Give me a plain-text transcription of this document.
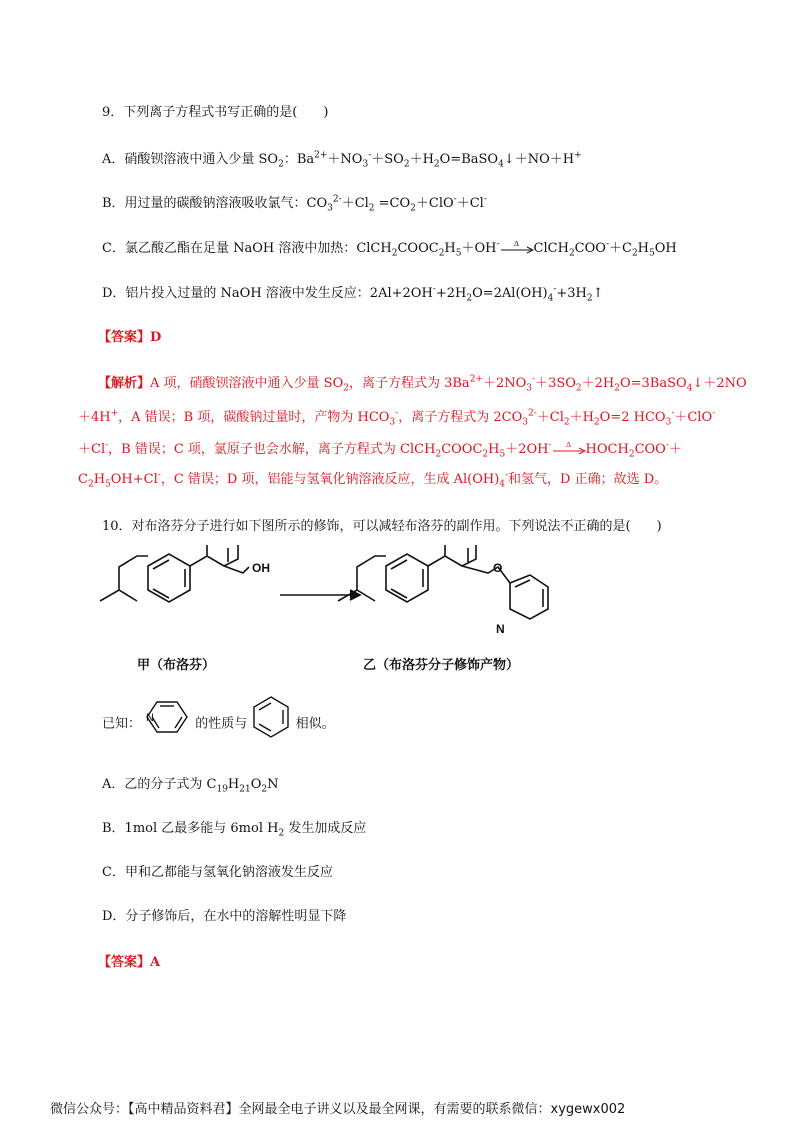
9．下列离子方程式书写正确的是(　　)
A．硝酸钡溶液中通入少量 $SO_2$：$Ba^{2+}+NO_3^-+SO_2+H_2O=BaSO_4↓+NO+H^+$
B．用过量的碳酸钠溶液吸收氯气：$CO_3^{2-}+Cl_2 =CO_2+ClO^-+Cl^-$
C．氯乙酸乙酯在足量 NaOH 溶液中加热：$ClCH_2COOC_2H_5+OH^-$ Δ $ClCH_2COO^-+C_2H_5OH$
D．铝片投入过量的 NaOH 溶液中发生反应：$2Al+2OH^-+2H_2O=2Al(OH)_4^-+3H_2↑$
【答案】D
【解析】A 项，硝酸钡溶液中通入少量 $SO_2$，离子方程式为 $3Ba^{2+}+2NO_3^-+3SO_2+2H_2O=3BaSO_4↓+2NO$
＋4H+，A 错误；B 项，碳酸钠过量时，产物为 $HCO_3^-$，离子方程式为 $2CO_3^{2-}+Cl_2+H_2O=2$ $HCO_3^-+ClO^-$
＋Cl-，B 错误；C 项，氯原子也会水解，离子方程式为 $ClCH_2COOC_2H_5+2OH^-$ Δ $HOCH_2COO^-+$
$C_2H_5OH+Cl^-$，C 错误；D 项，铝能与氢氧化钠溶液反应，生成 $Al(OH)_4^-$和氢气，D 正确；故选 D。
10．对布洛芬分子进行如下图所示的修饰，可以减轻布洛芬的副作用。下列说法不正确的是(　　)
OH	O
N
甲（布洛芬）	乙（布洛芬分子修饰产物）
已知： N	的性质与	相似。
A．乙的分子式为 $C_{19}H_{21}O_2N$
B．1mol 乙最多能与 6mol $H_2$ 发生加成反应
C．甲和乙都能与氢氧化钠溶液发生反应
D．分子修饰后，在水中的溶解性明显下降
【答案】A
微信公众号：【高中精品资料君】全网最全电子讲义以及最全网课，有需要的联系微信：xygewx002
